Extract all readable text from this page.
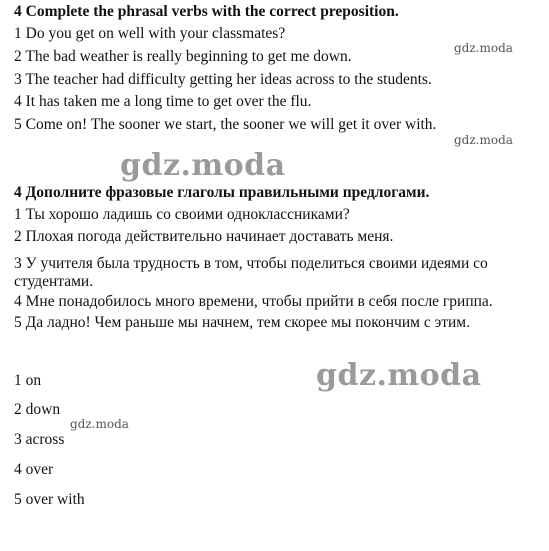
4 Complete the phrasal verbs with the correct preposition.
1 Do you get on well with your classmates?
2 The bad weather is really beginning to get me down.
3 The teacher had difficulty getting her ideas across to the students.
4 It has taken me a long time to get over the flu.
5 Come on! The sooner we start, the sooner we will get it over with.
4 Дополните фразовые глаголы правильными предлогами.
1 Ты хорошо ладишь со своими одноклассниками?
2 Плохая погода действительно начинает доставать меня.
3 У учителя была трудность в том, чтобы поделиться своими идеями со
студентами.
4 Мне понадобилось много времени, чтобы прийти в себя после гриппа.
5 Да ладно! Чем раньше мы начнем, тем скорее мы покончим с этим.
1 on
2 down
3 across
4 over
5 over with
gdz.moda
gdz.moda
gdz.moda
gdz.moda
gdz.moda
